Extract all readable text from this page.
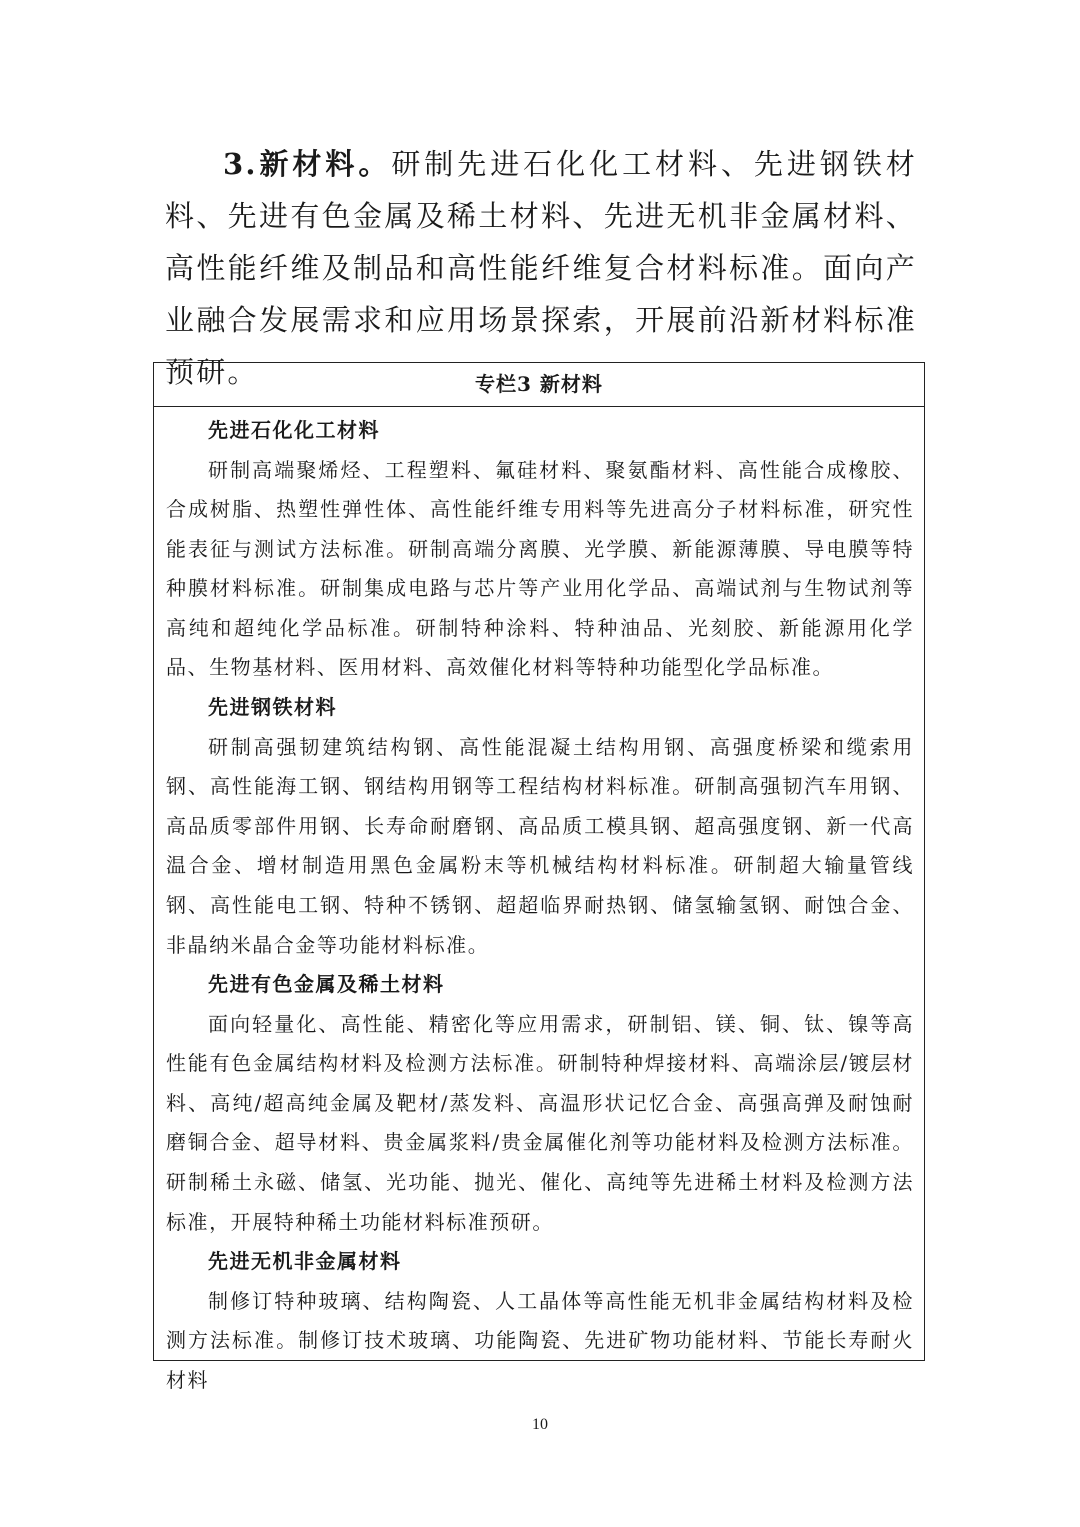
3.新材料。研制先进石化化工材料、先进钢铁材料、先进有色金属及稀土材料、先进无机非金属材料、高性能纤维及制品和高性能纤维复合材料标准。面向产业融合发展需求和应用场景探索，开展前沿新材料标准预研。	专栏3 新材料

先进石化化工材料

研制高端聚烯烃、工程塑料、氟硅材料、聚氨酯材料、高性能合成橡胶、合成树脂、热塑性弹性体、高性能纤维专用料等先进高分子材料标准，研究性能表征与测试方法标准。研制高端分离膜、光学膜、新能源薄膜、导电膜等特种膜材料标准。研制集成电路与芯片等产业用化学品、高端试剂与生物试剂等高纯和超纯化学品标准。研制特种涂料、特种油品、光刻胶、新能源用化学品、生物基材料、医用材料、高效催化材料等特种功能型化学品标准。

先进钢铁材料

研制高强韧建筑结构钢、高性能混凝土结构用钢、高强度桥梁和缆索用钢、高性能海工钢、钢结构用钢等工程结构材料标准。研制高强韧汽车用钢、高品质零部件用钢、长寿命耐磨钢、高品质工模具钢、超高强度钢、新一代高温合金、增材制造用黑色金属粉末等机械结构材料标准。研制超大输量管线钢、高性能电工钢、特种不锈钢、超超临界耐热钢、储氢输氢钢、耐蚀合金、非晶纳米晶合金等功能材料标准。

先进有色金属及稀土材料

面向轻量化、高性能、精密化等应用需求，研制铝、镁、铜、钛、镍等高性能有色金属结构材料及检测方法标准。研制特种焊接材料、高端涂层/镀层材料、高纯/超高纯金属及靶材/蒸发料、高温形状记忆合金、高强高弹及耐蚀耐磨铜合金、超导材料、贵金属浆料/贵金属催化剂等功能材料及检测方法标准。研制稀土永磁、储氢、光功能、抛光、催化、高纯等先进稀土材料及检测方法标准，开展特种稀土功能材料标准预研。

先进无机非金属材料

制修订特种玻璃、结构陶瓷、人工晶体等高性能无机非金属结构材料及检测方法标准。制修订技术玻璃、功能陶瓷、先进矿物功能材料、节能长寿耐火材料

10
